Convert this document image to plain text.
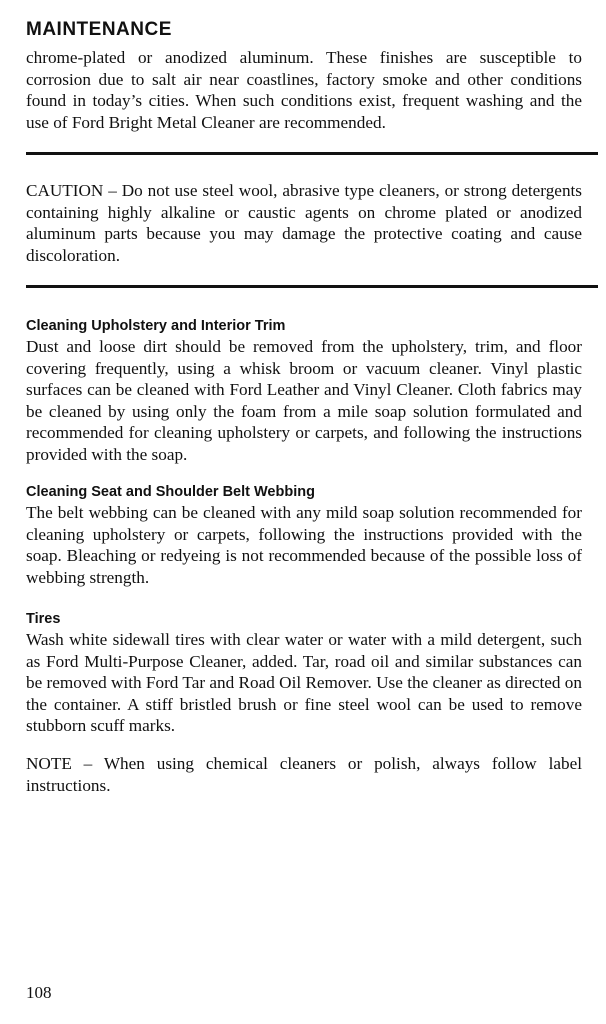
MAINTENANCE

chrome-plated or anodized aluminum. These finishes are susceptible to corrosion due to salt air near coastlines, factory smoke and other conditions found in today’s cities. When such conditions exist, frequent washing and the use of Ford Bright Metal Cleaner are recommended.

CAUTION – Do not use steel wool, abrasive type cleaners, or strong detergents containing highly alkaline or caustic agents on chrome plated or anodized aluminum parts because you may damage the protective coating and cause discoloration.

Cleaning Upholstery and Interior Trim

Dust and loose dirt should be removed from the upholstery, trim, and floor covering frequently, using a whisk broom or vacuum cleaner. Vinyl plastic surfaces can be cleaned with Ford Leather and Vinyl Cleaner. Cloth fabrics may be cleaned by using only the foam from a mile soap solution formulated and recommended for cleaning upholstery or carpets, and following the instructions provided with the soap.

Cleaning Seat and Shoulder Belt Webbing

The belt webbing can be cleaned with any mild soap solution recommended for cleaning upholstery or carpets, following the instructions provided with the soap. Bleaching or redyeing is not recommended because of the possible loss of webbing strength.

Tires

Wash white sidewall tires with clear water or water with a mild detergent, such as Ford Multi-Purpose Cleaner, added. Tar, road oil and similar substances can be removed with Ford Tar and Road Oil Remover. Use the cleaner as directed on the container. A stiff bristled brush or fine steel wool can be used to remove stubborn scuff marks.

NOTE – When using chemical cleaners or polish, always follow label instructions.

108
